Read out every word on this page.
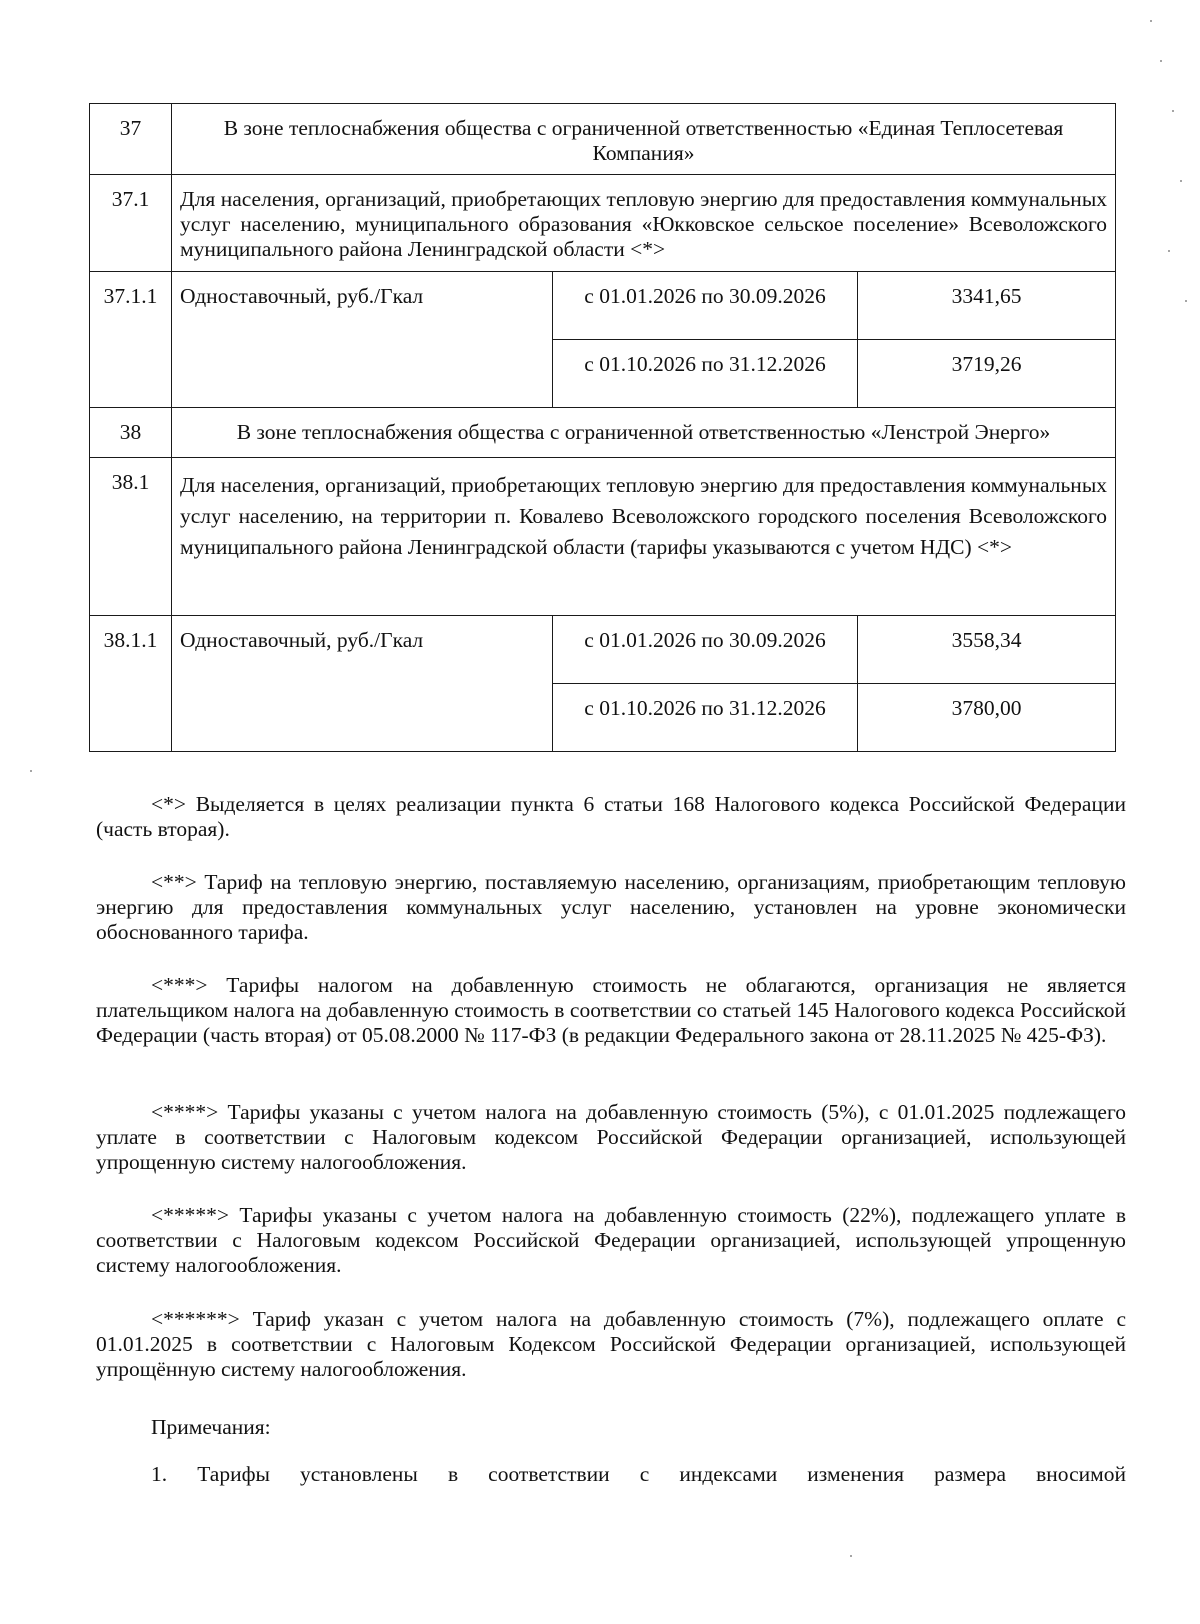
37	В зоне теплоснабжения общества с ограниченной ответственностью «Единая Теплосетевая Компания»		
37.1	Для населения, организаций, приобретающих тепловую энергию для предоставления коммунальных услуг населению, муниципального образования «Юкковское сельское поселение» Всеволожского муниципального района Ленинградской области <*>		

37.1.1	Одноставочный, руб./Гкал	с 01.01.2026 по 30.09.2026	3341,65
		с 01.10.2026 по 31.12.2026	3719,26
38	В зоне теплоснабжения общества с ограниченной ответственностью «Ленстрой Энерго»		
38.1	Для населения, организаций, приобретающих тепловую энергию для предоставления коммунальных услуг населению, на территории п. Ковалево Всеволожского городского поселения Всеволожского муниципального района Ленинградской области (тарифы указываются с учетом НДС) <*>		

38.1.1	Одноставочный, руб./Гкал	с 01.01.2026 по 30.09.2026	3558,34
		с 01.10.2026 по 31.12.2026	3780,00

<*> Выделяется в целях реализации пункта 6 статьи 168 Налогового кодекса Российской Федерации (часть вторая).

<**> Тариф на тепловую энергию, поставляемую населению, организациям, приобретающим тепловую энергию для предоставления коммунальных услуг населению, установлен на уровне экономически обоснованного тарифа.

<***> Тарифы налогом на добавленную стоимость не облагаются, организация не является плательщиком налога на добавленную стоимость в соответствии со статьей 145 Налогового кодекса Российской Федерации (часть вторая) от 05.08.2000 № 117-ФЗ (в редакции Федерального закона от 28.11.2025 № 425-ФЗ).

<****> Тарифы указаны с учетом налога на добавленную стоимость (5%), с 01.01.2025 подлежащего уплате в соответствии с Налоговым кодексом Российской Федерации организацией, использующей упрощенную систему налогообложения.

<*****> Тарифы указаны с учетом налога на добавленную стоимость (22%), подлежащего уплате в соответствии с Налоговым кодексом Российской Федерации организацией, использующей упрощенную систему налогообложения.

<******> Тариф указан с учетом налога на добавленную стоимость (7%), подлежащего оплате с 01.01.2025 в соответствии с Налоговым Кодексом Российской Федерации организацией, использующей упрощённую систему налогообложения.

Примечания:
1. Тарифы установлены в соответствии с индексами изменения размера вносимой
